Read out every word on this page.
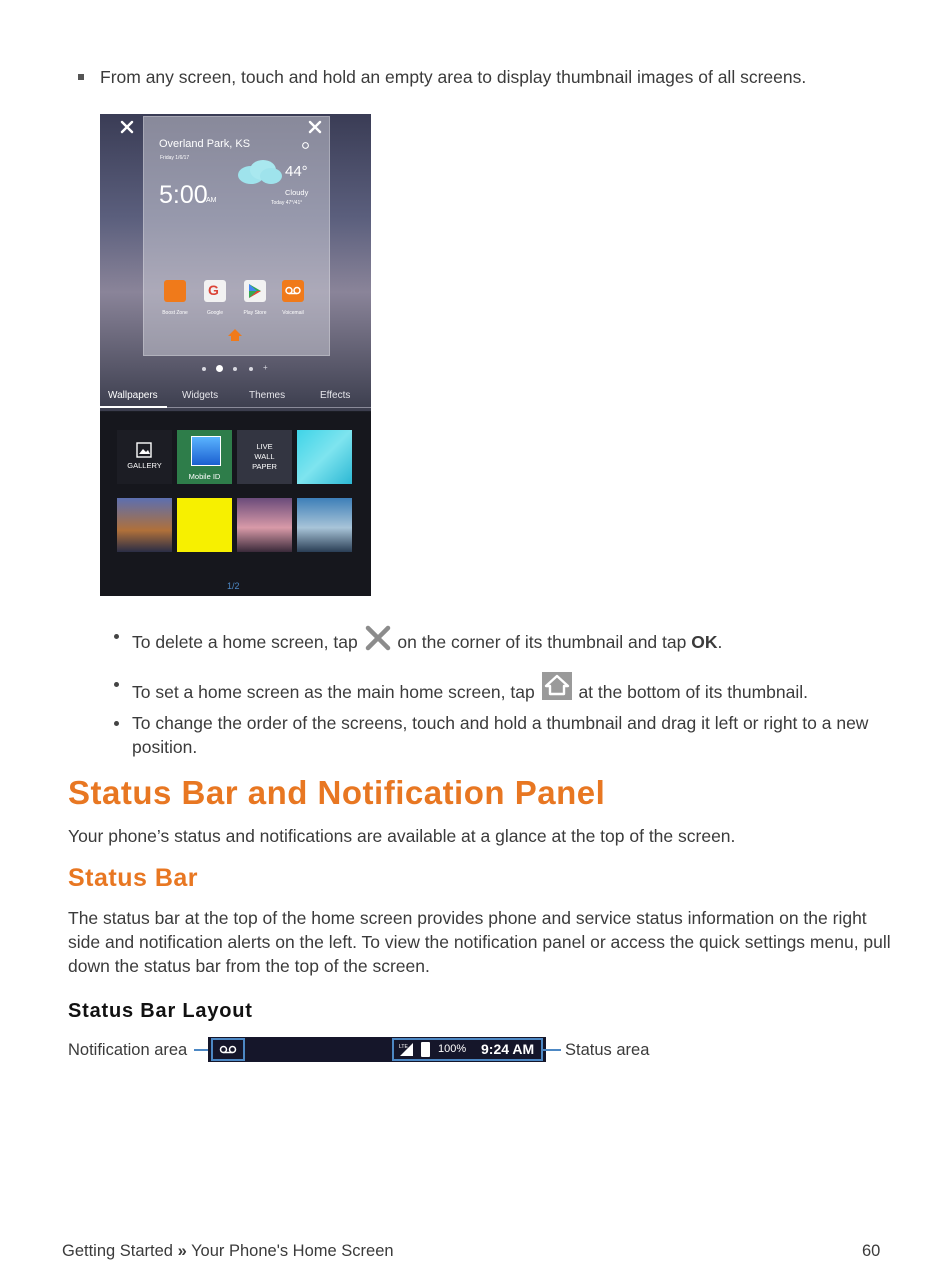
From any screen, touch and hold an empty area to display thumbnail images of all screens.
Overland Park, KS
Friday 1/6/17
5:00
AM
44°
Cloudy
Today 47°/41°
G
Boost Zone	Google	Play Store	Voicemail
+
Wallpapers Widgets	Themes	Effects
GALLERY
Mobile ID
LIVE
WALL
PAPER
1/2
To delete a home screen, tap  on the corner of its thumbnail and tap OK.
To set a home screen as the main home screen, tap  at the bottom of its thumbnail.
To change the order of the screens, touch and hold a thumbnail and drag it left or right to a new position.
Status Bar and Notification Panel
Your phone’s status and notifications are available at a glance at the top of the screen.
Status Bar
The status bar at the top of the home screen provides phone and service status information on the right side and notification alerts on the left. To view the notification panel or access the quick settings menu, pull down the status bar from the top of the screen.
Status Bar Layout
Notification area	LTE	100% 9:24 AM Status area
Getting Started » Your Phone's Home Screen	60
